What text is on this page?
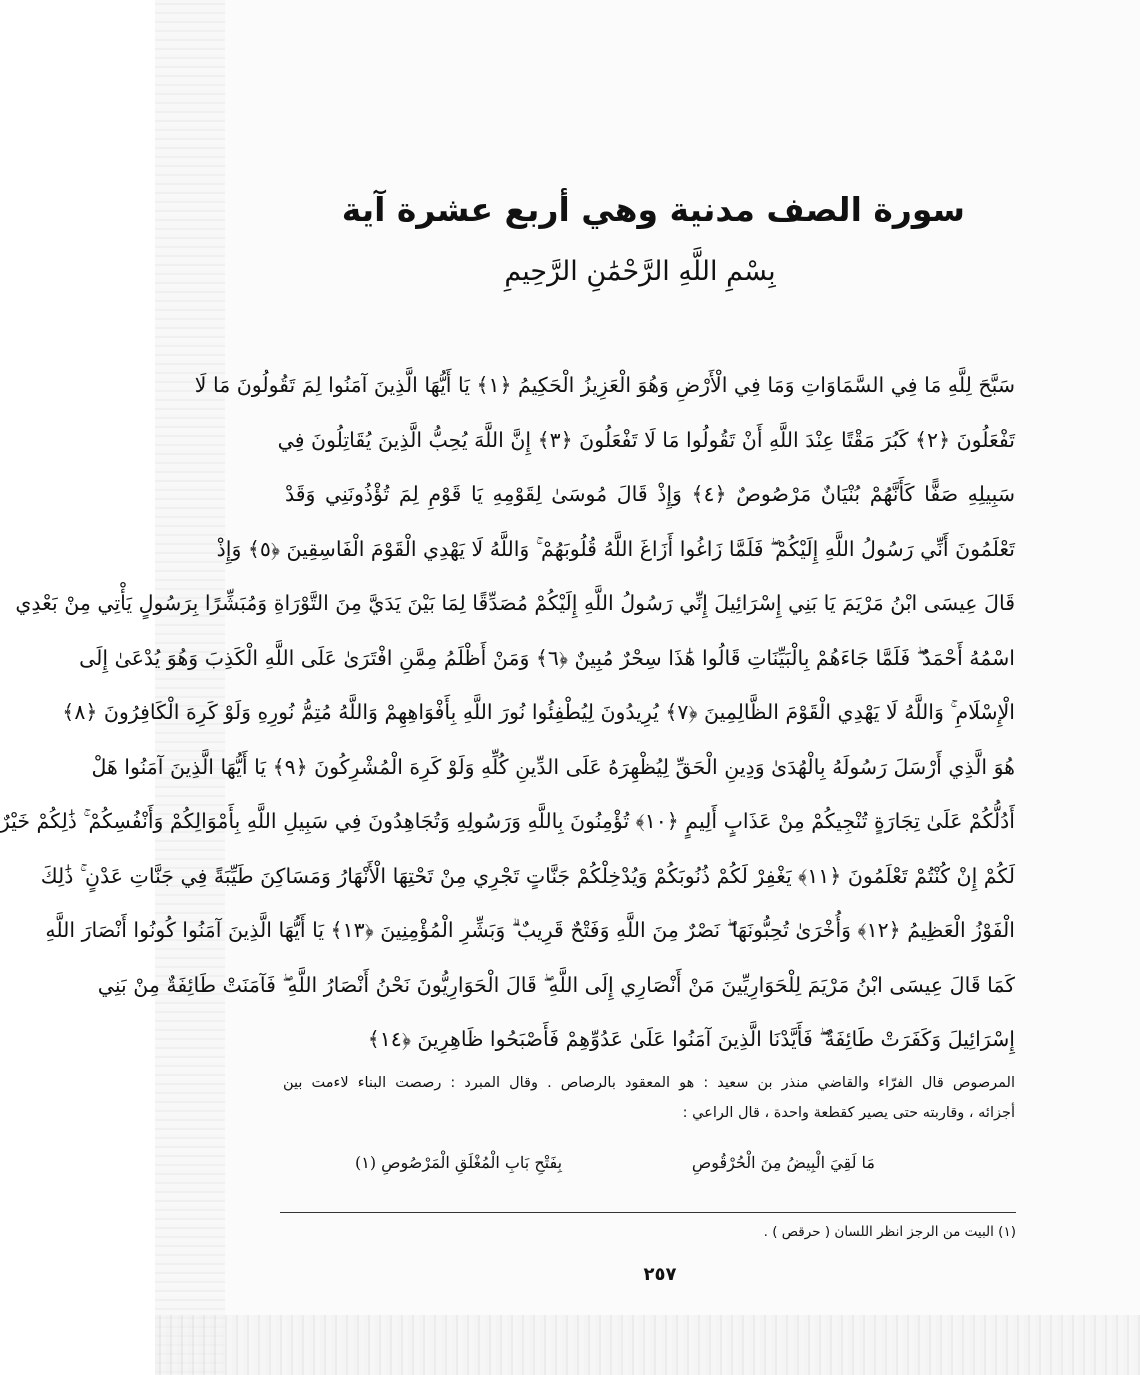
سورة الصف مدنية وهي أربع عشرة آية
بِسْمِ اللَّهِ الرَّحْمَٰنِ الرَّحِيمِ
سَبَّحَ لِلَّهِ مَا فِي السَّمَاوَاتِ وَمَا فِي الْأَرْضِ وَهُوَ الْعَزِيزُ الْحَكِيمُ ﴿١﴾ يَا أَيُّهَا الَّذِينَ آمَنُوا لِمَ تَقُولُونَ مَا لَا
تَفْعَلُونَ ﴿٢﴾ كَبُرَ مَقْتًا عِنْدَ اللَّهِ أَنْ تَقُولُوا مَا لَا تَفْعَلُونَ ﴿٣﴾ إِنَّ اللَّهَ يُحِبُّ الَّذِينَ يُقَاتِلُونَ فِي
سَبِيلِهِ صَفًّا كَأَنَّهُمْ بُنْيَانٌ مَرْصُوصٌ ﴿٤﴾ وَإِذْ قَالَ مُوسَىٰ لِقَوْمِهِ يَا قَوْمِ لِمَ تُؤْذُونَنِي وَقَدْ
تَعْلَمُونَ أَنِّي رَسُولُ اللَّهِ إِلَيْكُمْ ۖ فَلَمَّا زَاغُوا أَزَاغَ اللَّهُ قُلُوبَهُمْ ۚ وَاللَّهُ لَا يَهْدِي الْقَوْمَ الْفَاسِقِينَ ﴿٥﴾ وَإِذْ
قَالَ عِيسَى ابْنُ مَرْيَمَ يَا بَنِي إِسْرَائِيلَ إِنِّي رَسُولُ اللَّهِ إِلَيْكُمْ مُصَدِّقًا لِمَا بَيْنَ يَدَيَّ مِنَ التَّوْرَاةِ وَمُبَشِّرًا بِرَسُولٍ يَأْتِي مِنْ بَعْدِي
اسْمُهُ أَحْمَدُ ۖ فَلَمَّا جَاءَهُمْ بِالْبَيِّنَاتِ قَالُوا هَٰذَا سِحْرٌ مُبِينٌ ﴿٦﴾ وَمَنْ أَظْلَمُ مِمَّنِ افْتَرَىٰ عَلَى اللَّهِ الْكَذِبَ وَهُوَ يُدْعَىٰ إِلَى
الْإِسْلَامِ ۚ وَاللَّهُ لَا يَهْدِي الْقَوْمَ الظَّالِمِينَ ﴿٧﴾ يُرِيدُونَ لِيُطْفِئُوا نُورَ اللَّهِ بِأَفْوَاهِهِمْ وَاللَّهُ مُتِمُّ نُورِهِ وَلَوْ كَرِهَ الْكَافِرُونَ ﴿٨﴾
هُوَ الَّذِي أَرْسَلَ رَسُولَهُ بِالْهُدَىٰ وَدِينِ الْحَقِّ لِيُظْهِرَهُ عَلَى الدِّينِ كُلِّهِ وَلَوْ كَرِهَ الْمُشْرِكُونَ ﴿٩﴾ يَا أَيُّهَا الَّذِينَ آمَنُوا هَلْ
أَدُلُّكُمْ عَلَىٰ تِجَارَةٍ تُنْجِيكُمْ مِنْ عَذَابٍ أَلِيمٍ ﴿١٠﴾ تُؤْمِنُونَ بِاللَّهِ وَرَسُولِهِ وَتُجَاهِدُونَ فِي سَبِيلِ اللَّهِ بِأَمْوَالِكُمْ وَأَنْفُسِكُمْ ۚ ذَٰلِكُمْ خَيْرٌ
لَكُمْ إِنْ كُنْتُمْ تَعْلَمُونَ ﴿١١﴾ يَغْفِرْ لَكُمْ ذُنُوبَكُمْ وَيُدْخِلْكُمْ جَنَّاتٍ تَجْرِي مِنْ تَحْتِهَا الْأَنْهَارُ وَمَسَاكِنَ طَيِّبَةً فِي جَنَّاتِ عَدْنٍ ۚ ذَٰلِكَ
الْفَوْزُ الْعَظِيمُ ﴿١٢﴾ وَأُخْرَىٰ تُحِبُّونَهَا ۖ نَصْرٌ مِنَ اللَّهِ وَفَتْحٌ قَرِيبٌ ۗ وَبَشِّرِ الْمُؤْمِنِينَ ﴿١٣﴾ يَا أَيُّهَا الَّذِينَ آمَنُوا كُونُوا أَنْصَارَ اللَّهِ
كَمَا قَالَ عِيسَى ابْنُ مَرْيَمَ لِلْحَوَارِيِّينَ مَنْ أَنْصَارِي إِلَى اللَّهِ ۖ قَالَ الْحَوَارِيُّونَ نَحْنُ أَنْصَارُ اللَّهِ ۖ فَآمَنَتْ طَائِفَةٌ مِنْ بَنِي
إِسْرَائِيلَ وَكَفَرَتْ طَائِفَةٌ ۖ فَأَيَّدْنَا الَّذِينَ آمَنُوا عَلَىٰ عَدُوِّهِمْ فَأَصْبَحُوا ظَاهِرِينَ ﴿١٤﴾
المرصوص قال الفرّاء والقاضي منذر بن سعيد : هو المعقود بالرصاص . وقال المبرد : رصصت البناء لاءمت بين
أجزائه ، وقاربته حتى يصير كقطعة واحدة ، قال الراعي :
مَا لَقِيَ الْبِيضُ مِنَ الْحُرْقُوصِ
بِفَتْحِ بَابِ الْمُغْلَقِ الْمَرْصُوصِ (١)
(١) البيت من الرجز انظر اللسان ( حرقص ) .
٢٥٧
